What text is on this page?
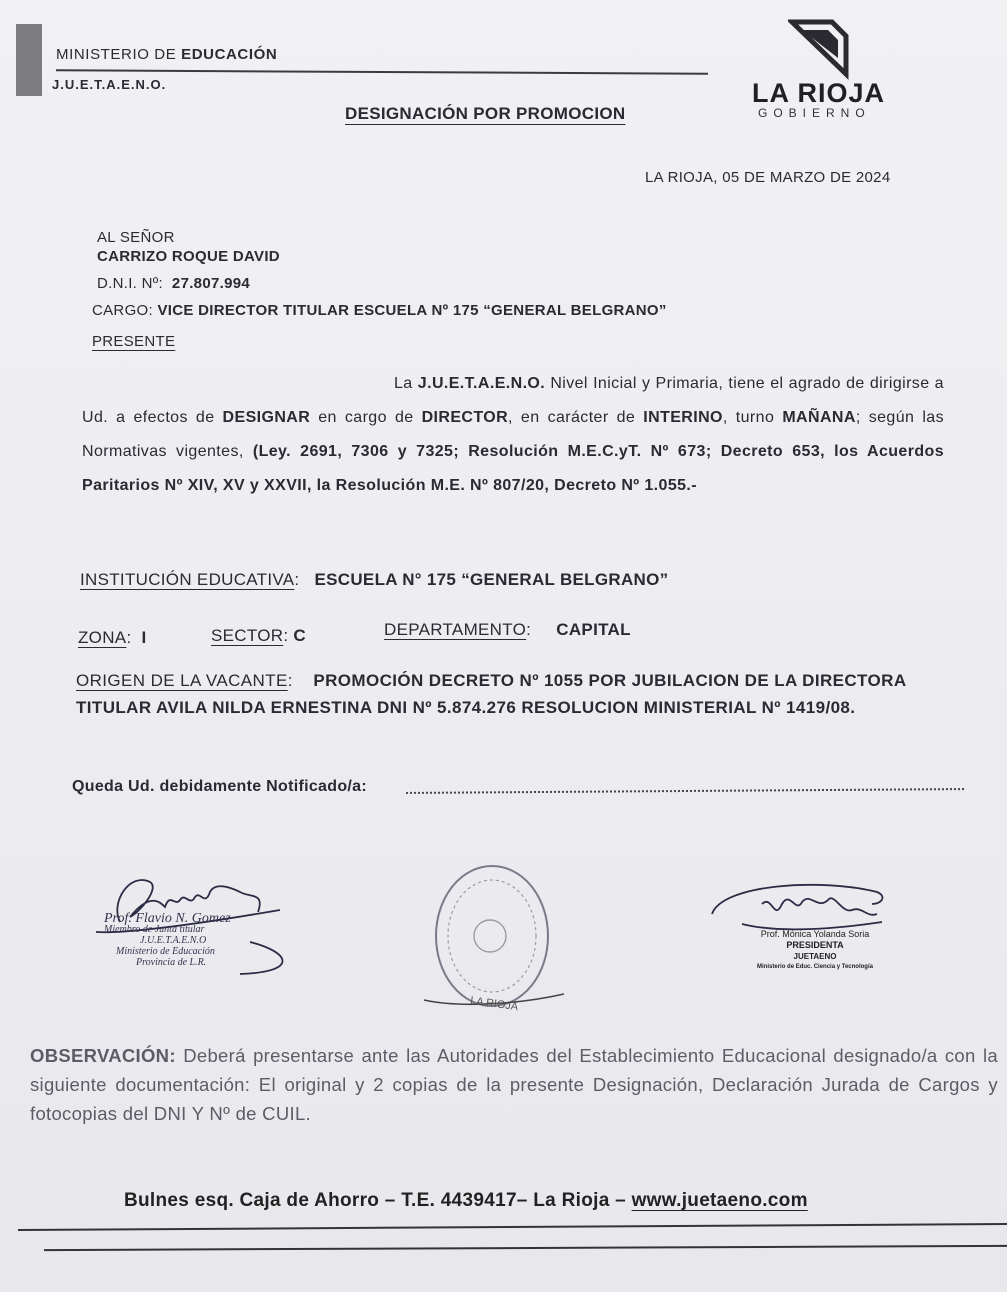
MINISTERIO DE EDUCACIÓN
J.U.E.T.A.E.N.O.	LA RIOJA
GOBIERNO
DESIGNACIÓN POR PROMOCION
LA RIOJA, 05 DE MARZO DE 2024
AL SEÑOR
CARRIZO ROQUE DAVID
D.N.I. Nº: 27.807.994
CARGO: VICE DIRECTOR TITULAR ESCUELA Nº 175 “GENERAL BELGRANO”
PRESENTE

La J.U.E.T.A.E.N.O. Nivel Inicial y Primaria, tiene el agrado de dirigirse a Ud. a efectos de DESIGNAR en cargo de DIRECTOR, en carácter de INTERINO, turno MAÑANA; según las Normativas vigentes, (Ley. 2691, 7306 y 7325; Resolución M.E.C.yT. Nº 673; Decreto 653, los Acuerdos Paritarios Nº XIV, XV y XXVII, la Resolución M.E. Nº 807/20, Decreto Nº 1.055.-

INSTITUCIÓN EDUCATIVA:   ESCUELA N° 175 “GENERAL BELGRANO”
ZONA:  I	SECTOR: C	DEPARTAMENTO:     CAPITAL
ORIGEN DE LA VACANTE: PROMOCIÓN DECRETO Nº 1055 POR JUBILACION DE LA DIRECTORA TITULAR AVILA NILDA ERNESTINA DNI Nº 5.874.276 RESOLUCION MINISTERIAL Nº 1419/08.
Queda Ud. debidamente Notificado/a:
Prof. Flavio N. Gomez
Miembro de Junta titular
J.U.E.T.A.E.N.O
Ministerio de Educación
Provincia de L.R.
LA RIOJA
Prof. Mónica Yolanda Soria
PRESIDENTA
JUETAENO
Ministerio de Educ. Ciencia y Tecnología
OBSERVACIÓN: Deberá presentarse ante las Autoridades del Establecimiento Educacional designado/a con la siguiente documentación: El original y 2 copias de la presente Designación, Declaración Jurada de Cargos y fotocopias del DNI Y Nº de CUIL.
Bulnes esq. Caja de Ahorro – T.E. 4439417– La Rioja – www.juetaeno.com
